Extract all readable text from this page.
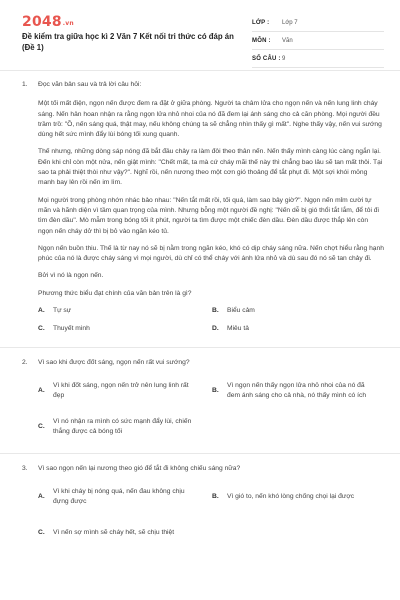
2048.vn
Đề kiểm tra giữa học kì 2 Văn 7 Kết nối tri thức có đáp án (Đề 1)
LỚP :	Lớp 7
MÔN :	Văn
SỐ CÂU : 9
1.	Đọc văn bản sau và trả lời câu hỏi:

Một tối mất điện, ngọn nến được đem ra đặt ở giữa phòng. Người ta châm lửa cho ngọn nến và nến lung linh cháy sáng. Nến hân hoan nhận ra rằng ngọn lửa nhỏ nhoi của nó đã đem lại ánh sáng cho cả căn phòng. Mọi người đều trầm trồ: "Ồ, nến sáng quá, thật may, nếu không chúng ta sẽ chẳng nhìn thấy gì mất". Nghe thấy vậy, nến vui sướng dùng hết sức mình đẩy lùi bóng tối xung quanh.

Thế nhưng, những dòng sáp nóng đã bắt đầu chảy ra làm đôi theo thân nến. Nến thấy mình càng lúc càng ngắn lại. Đến khi chỉ còn một nửa, nến giật mình: "Chết mất, ta mà cứ cháy mãi thế này thì chẳng bao lâu sẽ tan mất thôi. Tại sao ta phải thiệt thòi như vậy?". Nghĩ rồi, nến nương theo một cơn gió thoảng để tắt phụt đi. Một sợi khói mỏng manh bay lên rồi nến im lìm.

Mọi người trong phòng nhớn nhác bảo nhau: "Nến tắt mất rồi, tối quá, làm sao bây giờ?". Ngọn nến mỉm cười tự mãn và hãnh diện vì tầm quan trọng của mình. Nhưng bỗng một người đề nghị: "Nến dễ bị gió thổi tắt lắm, để tôi đi tìm đèn dầu". Mò mẫm trong bóng tối ít phút, người ta tìm được một chiếc đèn dầu. Đèn dầu được thắp lên còn ngọn nến cháy dở thì bị bỏ vào ngăn kéo tủ.

Ngọn nến buồn thiu. Thế là từ nay nó sẽ bị nằm trong ngăn kéo, khó có dịp cháy sáng nữa. Nến chợt hiểu rằng hạnh phúc của nó là được cháy sáng vì mọi người, dù chỉ có thể cháy với ánh lửa nhỏ và dù sau đó nó sẽ tan chảy đi.

Bởi vì nó là ngọn nến.

Phương thức biểu đạt chính của văn bản trên là gì?

A.	Tự sự	B.	Biểu cảm
C.	Thuyết minh	D.	Miêu tả
2.	Vì sao khi được đốt sáng, ngọn nến rất vui sướng?
A.
Vì khi đốt sáng, ngọn nến trở nên lung linh rất đẹp
B.
Vì ngọn nến thấy ngọn lửa nhỏ nhoi của nó đã đem ánh sáng cho cả nhà, nó thấy mình có ích
C.
Vì nó nhận ra mình có sức mạnh đẩy lùi, chiến thắng được cả bóng tối
3.	Vì sao ngọn nến lại nương theo gió để tắt đi không chiếu sáng nữa?
A.
Vì khi cháy bị nóng quá, nến đau không chịu đựng được
B.	Vì gió to, nến khó lòng chống chọi lại được
C.	Vì nến sợ mình sẽ cháy hết, sẽ chịu thiệt
